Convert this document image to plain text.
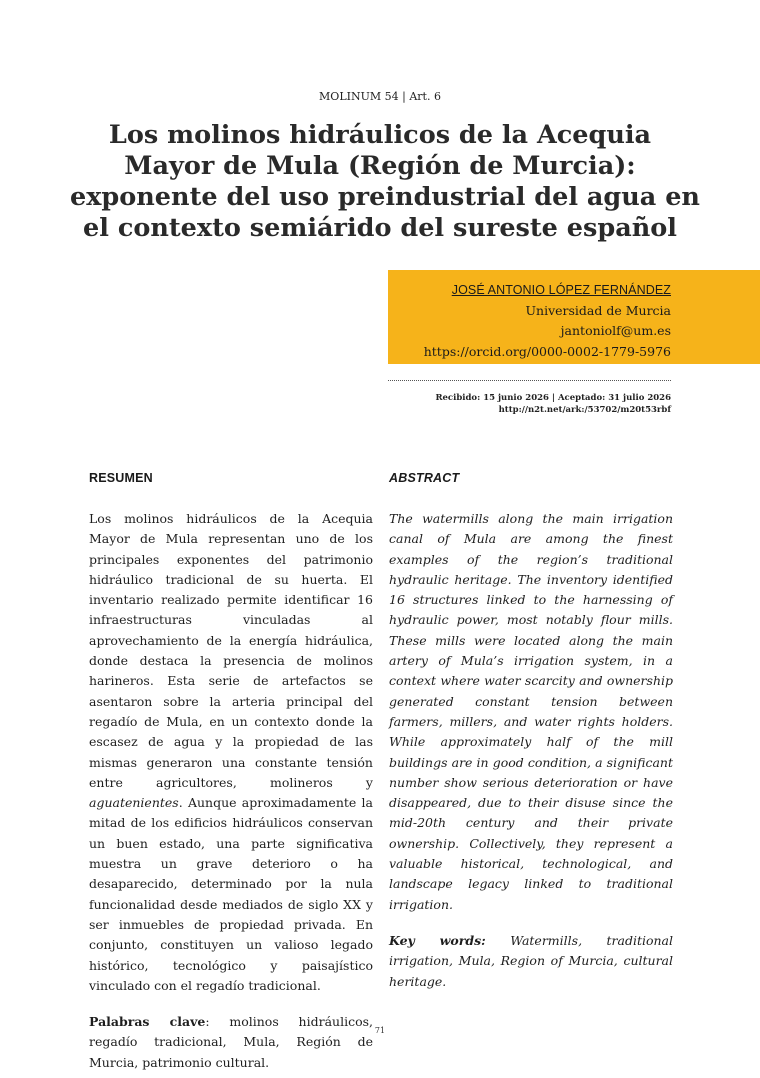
MOLINUM 54 | Art. 6
Los molinos hidráulicos de la Acequia
Mayor de Mula (Región de Murcia):
exponente del uso preindustrial del agua en
el contexto semiárido del sureste español
JOSÉ ANTONIO LÓPEZ FERNÁNDEZ
Universidad de Murcia
jantoniolf@um.es
https://orcid.org/0000-0002-1779-5976
Recibido: 15 junio 2026 | Aceptado: 31 julio 2026
http://n2t.net/ark:/53702/m20t53rbf
RESUMEN	ABSTRACT

Los molinos hidráulicos de la Acequia Mayor de Mula representan uno de los principales exponentes del patrimonio hidráulico tradicional de su huerta. El inventario realizado permite identificar 16 infraestructuras vinculadas al aprovechamiento de la energía hidráulica, donde destaca la presencia de molinos harineros. Esta serie de artefactos se asentaron sobre la arteria principal del regadío de Mula, en un contexto donde la escasez de agua y la propiedad de las mismas generaron una constante tensión entre agricultores, molineros y aguatenientes. Aunque aproximadamente la mitad de los edificios hidráulicos conservan un buen estado, una parte significativa muestra un grave deterioro o ha desaparecido, determinado por la nula funcionalidad desde mediados de siglo XX y ser inmuebles de propiedad privada. En conjunto, constituyen un valioso legado histórico, tecnológico y paisajístico vinculado con el regadío tradicional.

Palabras clave: molinos hidráulicos, regadío tradicional, Mula, Región de Murcia, patrimonio cultural.

The watermills along the main irrigation canal of Mula are among the finest examples of the region’s traditional hydraulic heritage. The inventory identified 16 structures linked to the harnessing of hydraulic power, most notably flour mills. These mills were located along the main artery of Mula’s irrigation system, in a context where water scarcity and ownership generated constant tension between farmers, millers, and water rights holders. While approximately half of the mill buildings are in good condition, a significant number show serious deterioration or have disappeared, due to their disuse since the mid-20th century and their private ownership. Collectively, they represent a valuable historical, technological, and landscape legacy linked to traditional irrigation.

Key words: Watermills, traditional irrigation, Mula, Region of Murcia, cultural heritage.

71
